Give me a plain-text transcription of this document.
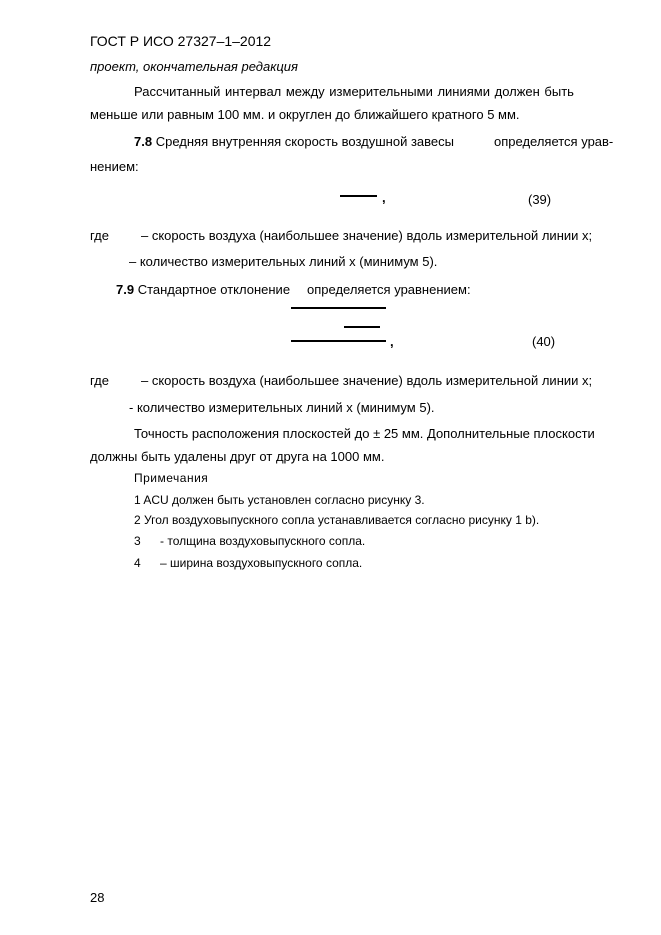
ГОСТ Р ИСО 27327–1–2012
проект, окончательная редакция
Рассчитанный интервал между измерительными линиями должен быть
меньше или равным 100 мм. и округлен до ближайшего кратного 5 мм.
7.8 Средняя внутренняя скорость воздушной завесы	определяется урав-
нением:
,	(39)
где – скорость воздуха (наибольшее значение) вдоль измерительной линии x;
– количество измерительных линий x (минимум 5).
7.9 Стандартное отклонение определяется уравнением:
,	(40)
где – скорость воздуха (наибольшее значение) вдоль измерительной линии x;
- количество измерительных линий x (минимум 5).
Точность расположения плоскостей до ± 25 мм. Дополнительные плоскости
должны быть удалены друг от друга на 1000 мм.
Примечания
1 ACU должен быть установлен согласно рисунку 3.
2 Угол воздуховыпускного сопла устанавливается согласно рисунку 1 b).
3 - толщина воздуховыпускного сопла.
4 – ширина воздуховыпускного сопла.
28
